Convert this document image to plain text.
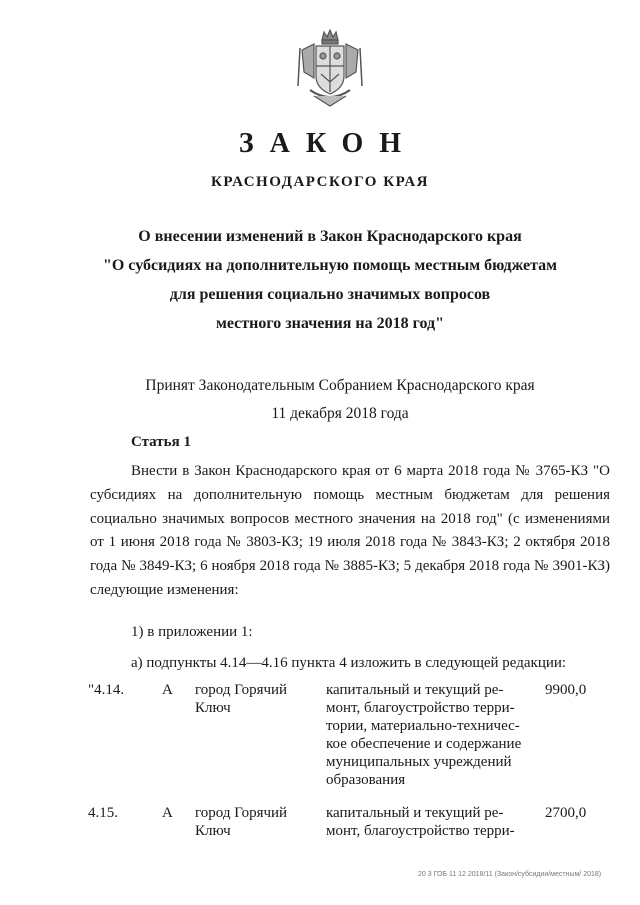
ЗАКОН
КРАСНОДАРСКОГО КРАЯ
О внесении изменений в Закон Краснодарского края
"О субсидиях на дополнительную помощь местным бюджетам
для решения социально значимых вопросов
местного значения на 2018 год"
Принят Законодательным Собранием Краснодарского края
11 декабря 2018 года
Статья 1
Внести в Закон Краснодарского края от 6 марта 2018 года № 3765-КЗ "О субсидиях на дополнительную помощь местным бюджетам для решения социально значимых вопросов местного значения на 2018 год" (с изменениями от 1 июня 2018 года № 3803-КЗ; 19 июля 2018 года № 3843-КЗ; 2 октября 2018 года № 3849-КЗ; 6 ноября 2018 года № 3885-КЗ; 5 декабря 2018 года № 3901-КЗ) следующие изменения:
1) в приложении 1:
а) подпункты 4.14—4.16 пункта 4 изложить в следующей редакции:
"4.14.	А город Горячий Ключ
капитальный и текущий ре-
монт, благоустройство терри-
тории, материально-техничес-
кое обеспечение и содержание
муниципальных учреждений
образования
9900,0
4.15.	А город Горячий Ключ
капитальный и текущий ре-
монт, благоустройство терри-
2700,0
20 3 ГОБ 11 12 2018/11 (Закон/субсидии/местным/ 2018)
